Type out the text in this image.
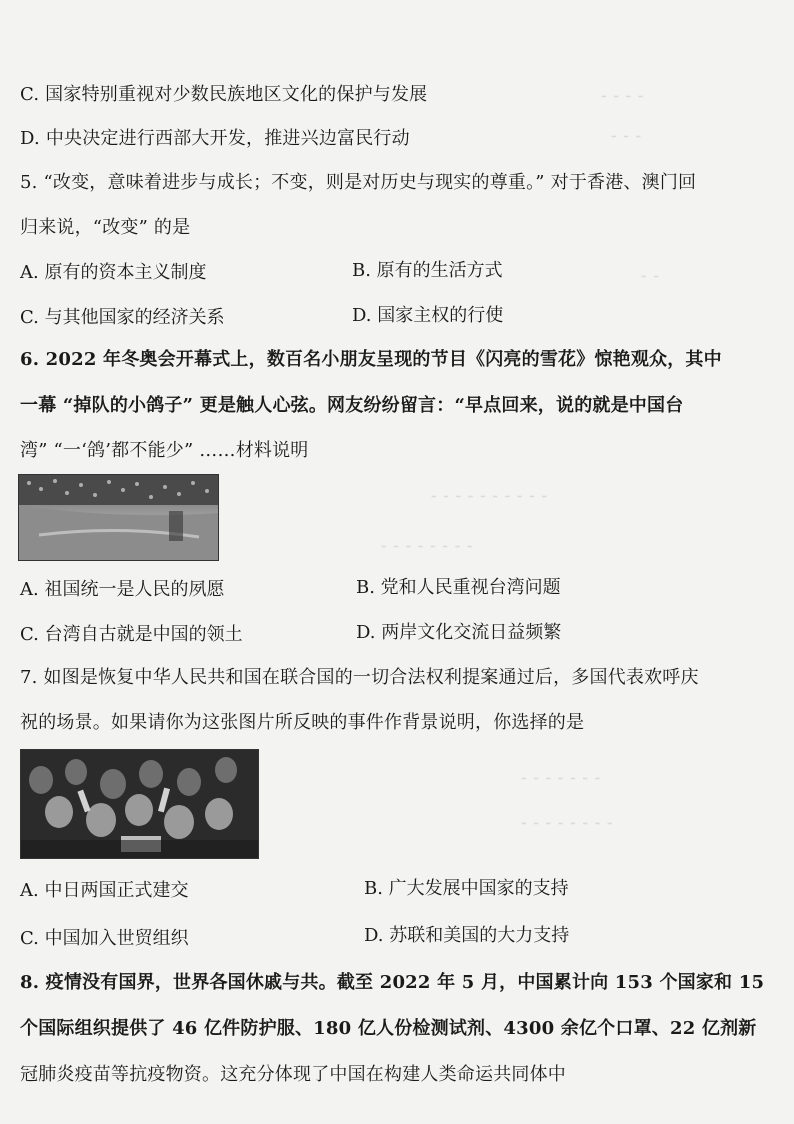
⁃ ⁃ ⁃ ⁃
⁃ ⁃ ⁃
⁃ ⁃
⁃ ⁃ ⁃ ⁃ ⁃ ⁃ ⁃ ⁃ ⁃ ⁃
⁃ ⁃ ⁃ ⁃ ⁃ ⁃ ⁃ ⁃
⁃ ⁃ ⁃ ⁃ ⁃ ⁃ ⁃
⁃ ⁃ ⁃ ⁃ ⁃ ⁃ ⁃ ⁃
C. 国家特别重视对少数民族地区文化的保护与发展
D. 中央决定进行西部大开发，推进兴边富民行动
5. “改变，意味着进步与成长；不变，则是对历史与现实的尊重。” 对于香港、澳门回
归来说，“改变” 的是
A. 原有的资本主义制度	B. 原有的生活方式
C. 与其他国家的经济关系	D. 国家主权的行使
6. 2022 年冬奥会开幕式上，数百名小朋友呈现的节目《闪亮的雪花》惊艳观众，其中
一幕 “掉队的小鸽子” 更是触人心弦。网友纷纷留言：“早点回来，说的就是中国台
湾” “一‘鸽’都不能少” ……材料说明
A. 祖国统一是人民的夙愿	B. 党和人民重视台湾问题
C. 台湾自古就是中国的领土	D. 两岸文化交流日益频繁
7. 如图是恢复中华人民共和国在联合国的一切合法权利提案通过后，多国代表欢呼庆
祝的场景。如果请你为这张图片所反映的事件作背景说明，你选择的是
A. 中日两国正式建交	B. 广大发展中国家的支持
C. 中国加入世贸组织	D. 苏联和美国的大力支持
8. 疫情没有国界，世界各国休戚与共。截至 2022 年 5 月，中国累计向 153 个国家和 15
个国际组织提供了 46 亿件防护服、180 亿人份检测试剂、4300 余亿个口罩、22 亿剂新
冠肺炎疫苗等抗疫物资。这充分体现了中国在构建人类命运共同体中
